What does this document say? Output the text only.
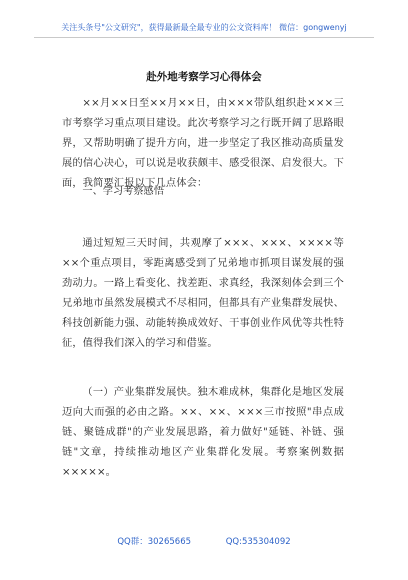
关注头条号"公文研究"，获得最新最全最专业的公文资料库！ 微信：gongwenyj
赴外地考察学习心得体会

××月××日至××月××日，由×××带队组织赴×××三市考察学习重点项目建设。此次考察学习之行既开阔了思路眼界，又帮助明确了提升方向，进一步坚定了我区推动高质量发展的信心决心，可以说是收获颇丰、感受很深、启发很大。下面，我简要汇报以下几点体会：

一、学习考察感悟

通过短短三天时间，共观摩了×××、×××、××××等××个重点项目，零距离感受到了兄弟地市抓项目谋发展的强劲动力。一路上看变化、找差距、求真经，我深刻体会到三个兄弟地市虽然发展模式不尽相同，但都具有产业集群发展快、科技创新能力强、动能转换成效好、干事创业作风优等共性特征，值得我们深入的学习和借鉴。

（一）产业集群发展快。独木难成林，集群化是地区发展迈向大而强的必由之路。××、××、×××三市按照"串点成链、聚链成群"的产业发展思路，着力做好"延链、补链、强链"文章，持续推动地区产业集群化发展。考察案例数据×××××。

QQ群：30265665	QQ:535304092
